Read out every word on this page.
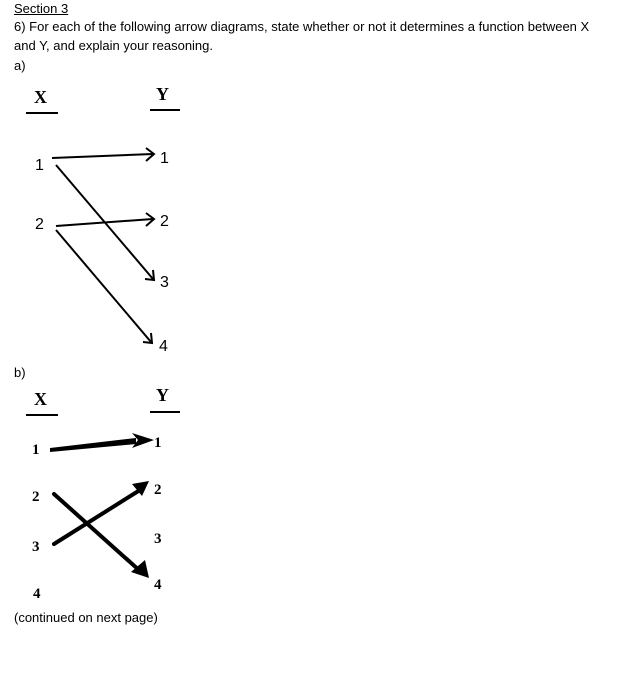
Section 3
6) For each of the following arrow diagrams, state whether or not it determines a function between X
and Y, and explain your reasoning.
a)
b)
(continued on next page)
X	Y
1
2
1
2
3
4
X	Y
1
2
3
4
1
2
3
4
